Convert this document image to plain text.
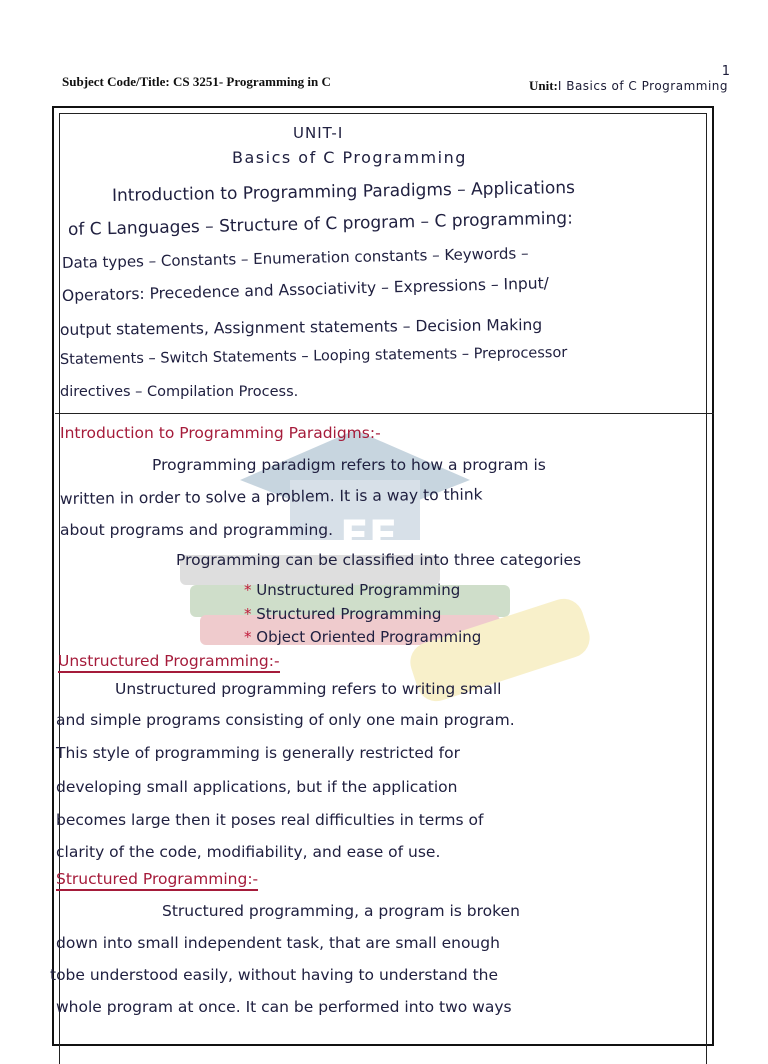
Subject Code/Title: CS 3251- Programming in C	Unit:I Basics of C Programming
1
EE
UNIT-I
Basics of C Programming
Introduction to Programming Paradigms – Applications
of C Languages – Structure of C program – C programming:
Data types – Constants – Enumeration constants – Keywords –
Operators: Precedence and Associativity – Expressions – Input/
output statements, Assignment statements – Decision Making
Statements – Switch Statements – Looping statements – Preprocessor
directives – Compilation Process.
Introduction to Programming Paradigms:-
Programming paradigm refers to how a program is
written in order to solve a problem. It is a way to think
about programs and programming.
Programming can be classified into three categories
* Unstructured Programming
* Structured Programming
* Object Oriented Programming
Unstructured Programming:-
Unstructured programming refers to writing small
and simple programs consisting of only one main program.
This style of programming is generally restricted for
developing small applications, but if the application
becomes large then it poses real difficulties in terms of
clarity of the code, modifiability, and ease of use.
Structured Programming:-
Structured programming, a program is broken
down into small independent task, that are small enough
tobe understood easily, without having to understand the
whole program at once. It can be performed into two ways
